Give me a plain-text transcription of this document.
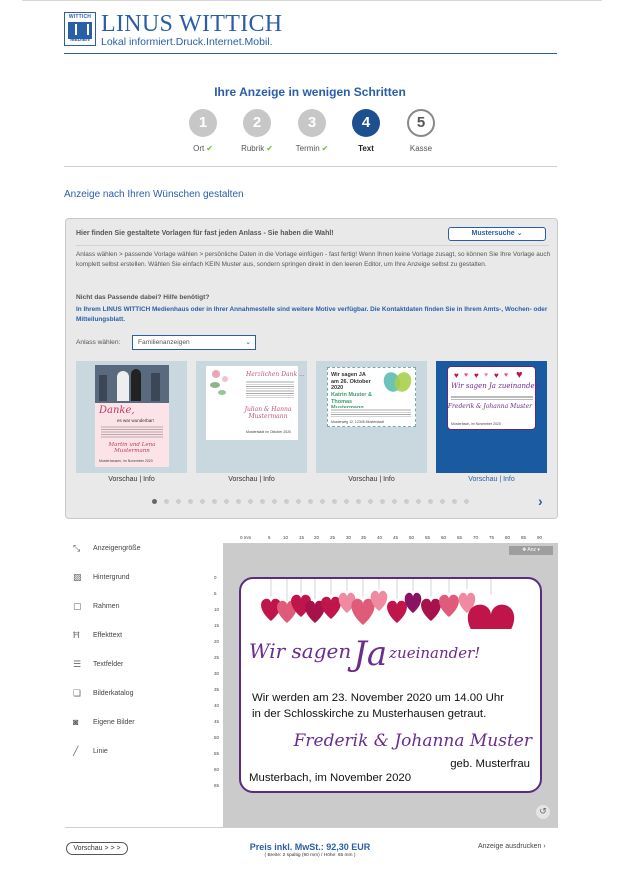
WITTICH
MEDIEN
LINUS WITTICH
Lokal informiert.Druck.Internet.Mobil.
Ihre Anzeige in wenigen Schritten
1
Ort ✔
2
Rubrik ✔
3
Termin ✔
4
Text
5
Kasse
Anzeige nach Ihren Wünschen gestalten
Hier finden Sie gestaltete Vorlagen für fast jeden Anlass - Sie haben die Wahl!	Mustersuche ⌄
Anlass wählen > passende Vorlage wählen > persönliche Daten in die Vorlage einfügen - fast fertig! Wenn Ihnen keine Vorlage zusagt, so können Sie Ihre Vorlage auch komplett selbst erstellen. Wählen Sie einfach KEIN Muster aus, sondern springen direkt in den leeren Editor, um Ihre Anzeige selbst zu gestalten.
Nicht das Passende dabei? Hilfe benötigt?
In Ihrem LINUS WITTICH Medienhaus oder in Ihrer Annahmestelle sind weitere Motive verfügbar. Die Kontaktdaten finden Sie in Ihrem Amts-, Wochen- oder Mitteilungsblatt.
Anlass wählen:	Familienanzeigen	⌄
Danke,
es war wunderbar!
Martin und Lena Mustermann
Musterhausen, im November 2020
Vorschau | Info
Herzlichen Dank ...
Julian & Hanna Mustermann
Musterstadt im Oktober 2020
Vorschau | Info
Wir sagen JA am 26. Oktober 2020
Katrin Muster & Thomas
Musterweg 12, 12345 Musterstadt
Vorschau | Info
♥ ♥ ♥ ♥ ♥ ♥ ♥
Wir sagen Ja zueinander!
Frederik & Johanna Muster
Musterbach, im November 2020
Vorschau | Info
›
⤡ Anzeigengröße
▨ Hintergrund
▢ Rahmen
Ħ Effekttext
☰ Textfelder
❏ Bilderkatalog
◙ Eigene Bilder
╱ Linie
0 mm	5	10 15 20 25 30 35 40 45 50 55 60 65 70 75 80 85 90
0
5
10
15
20
25
30
35
40
45
50
55
60
65
✥ Anz ▾
Wir sagenJa zueinander!
Wir werden am 23. November 2020 um 14.00 Uhr
in der Schlosskirche zu Musterhausen getraut.
Frederik & Johanna Muster
geb. Musterfrau
Musterbach, im November 2020
↺
Vorschau > > >	Preis inkl. MwSt.: 92,30 EUR
( Breite: 2 spaltig (90 mm) / Höhe: 65 mm )
Anzeige ausdrucken ›
